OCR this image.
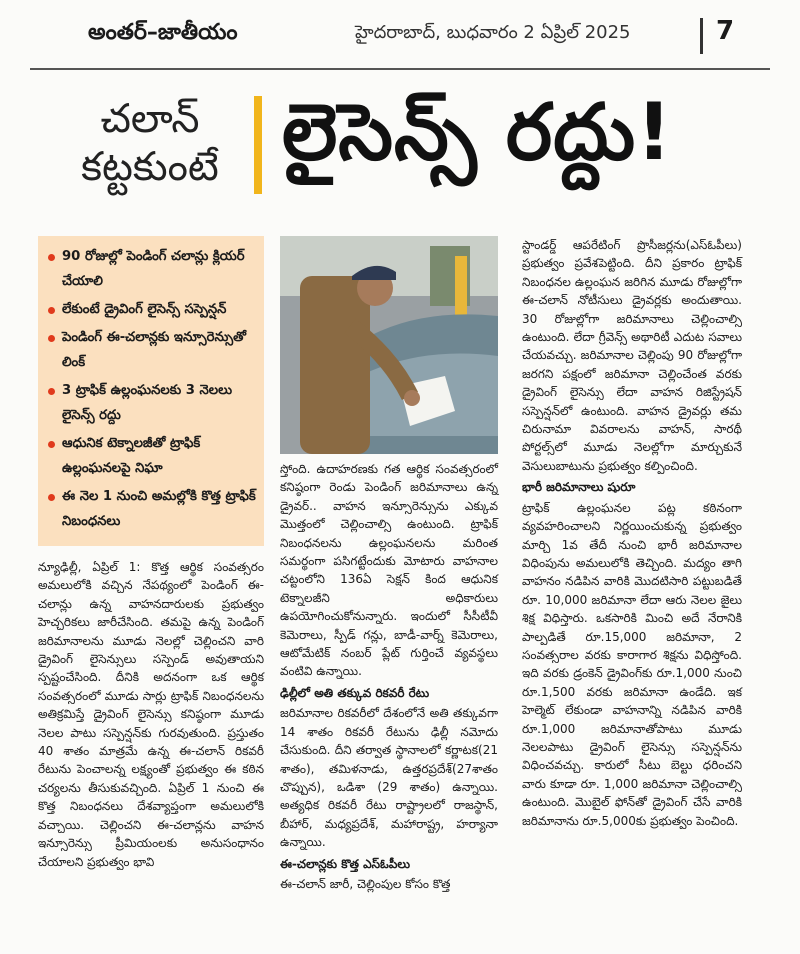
అంతర్–జాతీయం	హైదరాబాద్, బుధవారం 2 ఏప్రిల్ 2025	7
చలాన్
కట్టకుంటే లైసెన్స్ రద్దు!
90 రోజుల్లో పెండింగ్ చలాన్లు క్లియర్ చేయాలి
లేకుంటే డ్రైవింగ్ లైసెన్స్ సస్పెన్షన్
పెండింగ్ ఈ-చలాన్లకు ఇన్సూరెన్సుతో లింక్
3 ట్రాఫిక్ ఉల్లంఘనలకు 3 నెలలు లైసెన్స్ రద్దు
ఆధునిక టెక్నాలజీతో ట్రాఫిక్ ఉల్లంఘనలపై నిఘా
ఈ నెల 1 నుంచి అమల్లోకి కొత్త ట్రాఫిక్ నిబంధనలు

న్యూఢిల్లీ, ఏప్రిల్ 1: కొత్త ఆర్థిక సంవత్సరం అమలులోకి వచ్చిన నేపథ్యంలో పెండింగ్ ఈ-చలాన్లు ఉన్న వాహనదారులకు ప్రభుత్వం హెచ్చరికలు జారీచేసింది. తమపై ఉన్న పెండింగ్ జరిమానాలను మూడు నెలల్లో చెల్లించని వారి డ్రైవింగ్ లైసెన్సులు సస్పెండ్ అవుతాయని స్పష్టంచేసింది. దీనికి అదనంగా ఒక ఆర్థిక సంవత్సరంలో మూడు సార్లు ట్రాఫిక్ నిబంధనలను అతిక్రమిస్తే డ్రైవింగ్ లైసెన్సు కనిష్ఠంగా మూడు నెలల పాటు సస్పెన్షన్‌కు గురవుతుంది. ప్రస్తుతం 40 శాతం మాత్రమే ఉన్న ఈ-చలాన్ రికవరీ రేటును పెంచాలన్న లక్ష్యంతో ప్రభుత్వం ఈ కఠిన చర్యలను తీసుకువచ్చింది. ఏప్రిల్ 1 నుంచి ఈ కొత్త నిబంధనలు దేశవ్యాప్తంగా అమలులోకి వచ్చాయి. చెల్లించని ఈ-చలాన్లను వాహన ఇన్సూరెన్సు ప్రీమియంలకు అనుసంధానం చేయాలని ప్రభుత్వం భావి

స్తోంది. ఉదాహరణకు గత ఆర్థిక సంవత్సరంలో కనిష్ఠంగా రెండు పెండింగ్ జరిమానాలు ఉన్న డ్రైవర్.. వాహన ఇన్సూరెన్సును ఎక్కువ మొత్తంలో చెల్లించాల్సి ఉంటుంది. ట్రాఫిక్ నిబంధనలను ఉల్లంఘనలను మరింత సమర్థంగా పసిగట్టేందుకు మోటారు వాహనాల చట్టంలోని 136ఏ సెక్షన్ కింద ఆధునిక టెక్నాలజీని అధికారులు ఉపయోగించుకోనున్నారు. ఇందులో సీసీటీవీ కెమెరాలు, స్పీడ్ గన్లు, బాడీ-వార్న్ కెమెరాలు, ఆటోమేటిక్ నంబర్ ప్లేట్ గుర్తించే వ్యవస్థలు వంటివి ఉన్నాయి.

ఢిల్లీలో అతి తక్కువ రికవరీ రేటు

జరిమానాల రికవరీలో దేశంలోనే అతి తక్కువగా 14 శాతం రికవరీ రేటును ఢిల్లీ నమోదు చేసుకుంది. దీని తర్వాత స్థానాలలో కర్ణాటక(21 శాతం), తమిళనాడు, ఉత్తరప్రదేశ్(27శాతం చొప్పున), ఒడిశా (29 శాతం) ఉన్నాయి. అత్యధిక రికవరీ రేటు రాష్ట్రాలలో రాజస్థాన్, బీహార్, మధ్యప్రదేశ్, మహారాష్ట్ర, హర్యానా ఉన్నాయి.

ఈ-చలాన్లకు కొత్త ఎస్ఓపీలు

ఈ-చలాన్ జారీ, చెల్లింపుల కోసం కొత్త

స్టాండర్డ్ ఆపరేటింగ్ ప్రొసీజర్లను(ఎస్ఓపీలు) ప్రభుత్వం ప్రవేశపెట్టింది. దీని ప్రకారం ట్రాఫిక్ నిబంధనల ఉల్లంఘన జరిగిన మూడు రోజుల్లోగా ఈ-చలాన్ నోటీసులు డ్రైవర్లకు అందుతాయి. 30 రోజుల్లోగా జరిమానాలు చెల్లించాల్సి ఉంటుంది. లేదా గ్రీవెన్స్ అథారిటీ ఎదుట సవాలు చేయవచ్చు. జరిమానాల చెల్లింపు 90 రోజుల్లోగా జరగని పక్షంలో జరిమానా చెల్లించేంత వరకు డ్రైవింగ్ లైసెన్సు లేదా వాహన రిజిస్ట్రేషన్ సస్పెన్షన్‌లో ఉంటుంది. వాహన డ్రైవర్లు తమ చిరునామా వివరాలను వాహన్, సారథీ పోర్టల్స్‌లో మూడు నెలల్లోగా మార్చుకునే వెసులుబాటును ప్రభుత్వం కల్పించింది.

భారీ జరిమానాలు షురూ

ట్రాఫిక్ ఉల్లంఘనల పట్ల కఠినంగా వ్యవహరించాలని నిర్ణయించుకున్న ప్రభుత్వం మార్చి 1వ తేదీ నుంచి భారీ జరిమానాల విధింపును అమలులోకి తెచ్చింది. మద్యం తాగి వాహనం నడిపిన వారికి మొదటిసారి పట్టుబడితే రూ. 10,000 జరిమానా లేదా ఆరు నెలల జైలు శిక్ష విధిస్తారు. ఒకసారికి మించి అదే నేరానికి పాల్పడితే రూ.15,000 జరిమానా, 2 సంవత్సరాల వరకు కారాగార శిక్షను విధిస్తోంది. ఇది వరకు డ్రంకెన్ డ్రైవింగ్‌కు రూ.1,000 నుంచి రూ.1,500 వరకు జరిమానా ఉండేది. ఇక హెల్మెట్ లేకుండా వాహనాన్ని నడిపిన వారికి రూ.1,000 జరిమానాతోపాటు మూడు నెలలపాటు డ్రైవింగ్ లైసెన్సు సస్పెన్షన్‌ను విధించవచ్చు. కారులో సీటు బెల్టు ధరించని వారు కూడా రూ. 1,000 జరిమానా చెల్లించాల్సి ఉంటుంది. మొబైల్ ఫోన్‌తో డ్రైవింగ్ చేసే వారికి జరిమానాను రూ.5,000కు ప్రభుత్వం పెంచింది.
